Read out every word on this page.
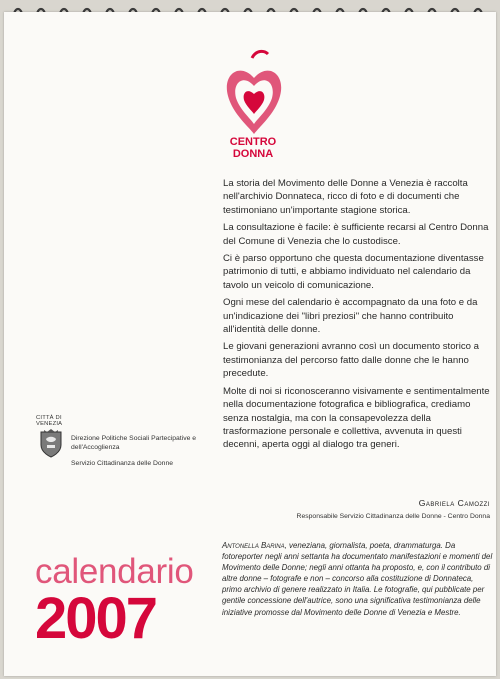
CENTRO
DONNA

La storia del Movimento delle Donne a Venezia è raccolta nell'archivio Donnateca, ricco di foto e di documenti che testimoniano un'importante stagione storica.

La consultazione è facile: è sufficiente recarsi al Centro Donna del Comune di Venezia che lo custodisce.

Ci è parso opportuno che questa documentazione diventasse patrimonio di tutti, e abbiamo individuato nel calendario da tavolo un veicolo di comunicazione.

Ogni mese del calendario è accompagnato da una foto e da un'indicazione dei "libri preziosi" che hanno contribuito all'identità delle donne.

Le giovani generazioni avranno così un documento storico a testimonianza del percorso fatto dalle donne che le hanno precedute.

Molte di noi si riconosceranno visivamente e sentimentalmente nella documentazione fotografica e bibliografica, crediamo senza nostalgia, ma con la consapevolezza della trasformazione personale e collettiva, avvenuta in questi decenni, aperta oggi al dialogo tra generi.

Gabriela Camozzi
Responsabile Servizio Cittadinanza delle Donne - Centro Donna
CITTÀ DI VENEZIA
Direzione Politiche Sociali Partecipative e dell'Accoglienza
Servizio Cittadinanza delle Donne
calendario
2007
Antonella Barina, veneziana, giornalista, poeta, drammaturga. Da fotoreporter negli anni settanta ha documentato manifestazioni e momenti del Movimento delle Donne; negli anni ottanta ha proposto, e, con il contributo di altre donne – fotografe e non – concorso alla costituzione di Donnateca, primo archivio di genere realizzato in Italia. Le fotografie, qui pubblicate per gentile concessione dell'autrice, sono una significativa testimonianza delle iniziative promosse dal Movimento delle Donne di Venezia e Mestre.
